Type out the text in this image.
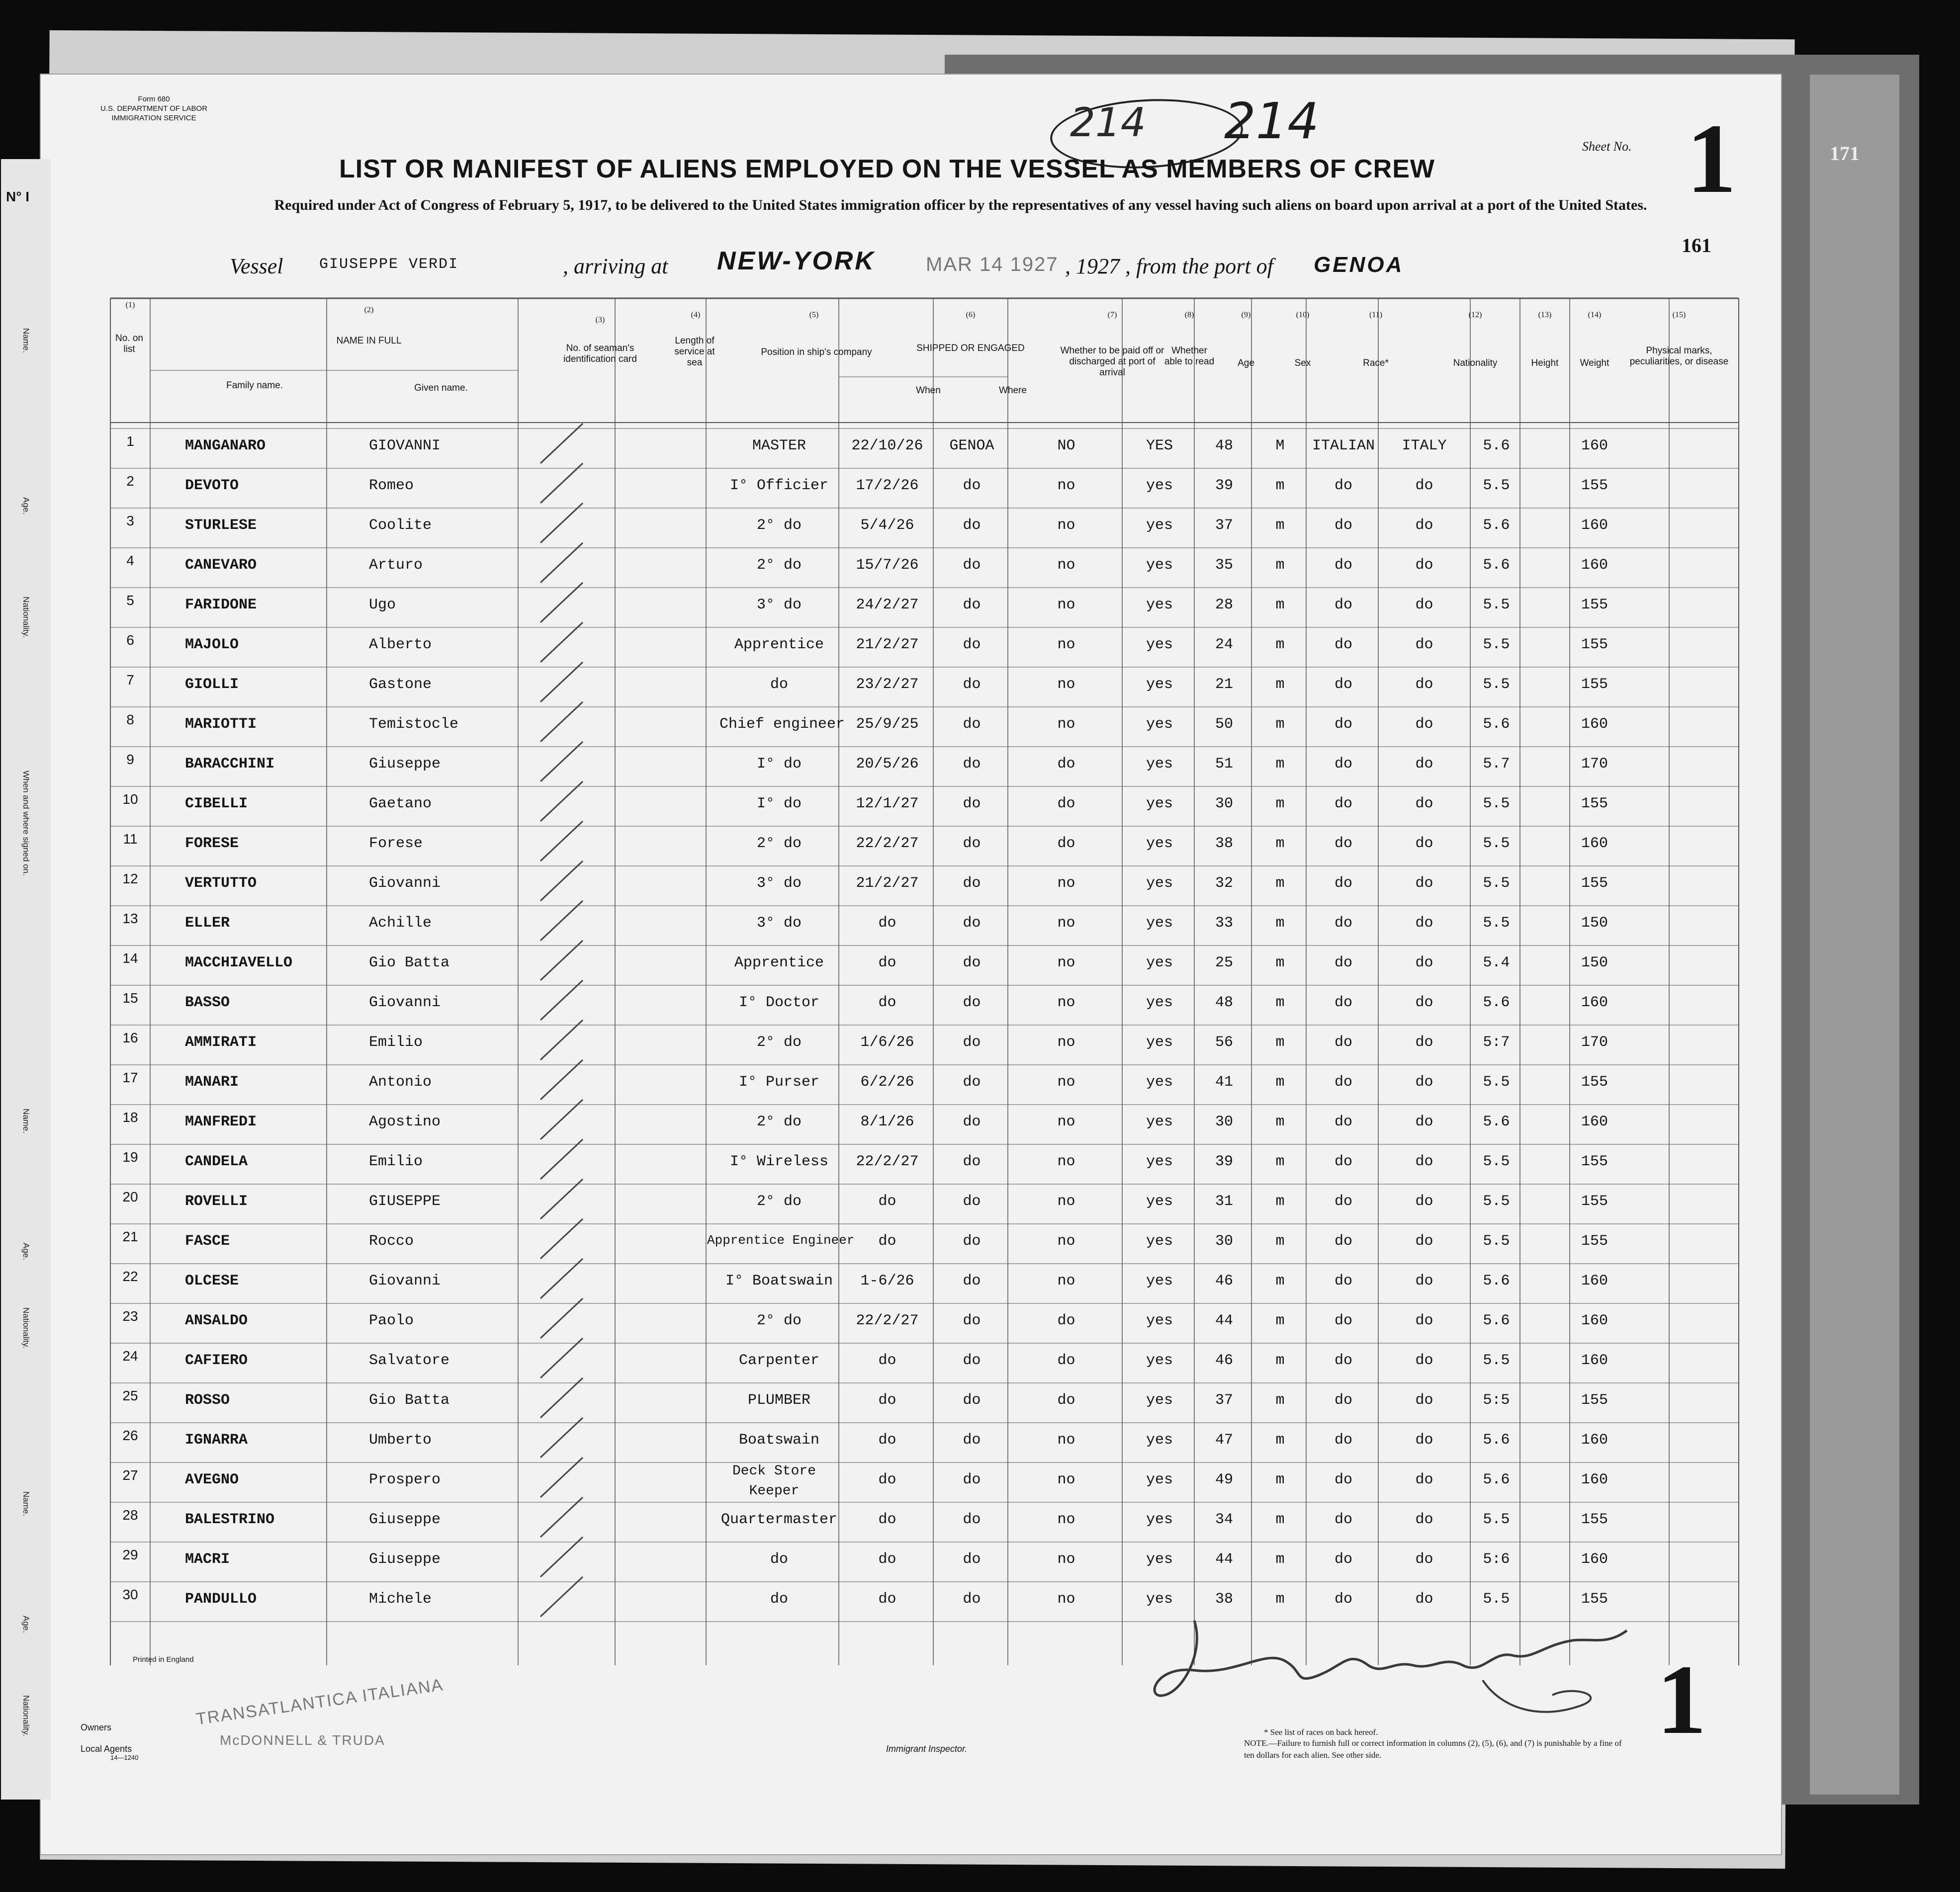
171
Form 680
U.S. DEPARTMENT OF LABOR
IMMIGRATION SERVICE	214 214
LIST OR MANIFEST OF ALIENS EMPLOYED ON THE VESSEL AS MEMBERS OF CREW
Required under Act of Congress of February 5, 1917, to be delivered to the United States immigration officer by the representatives of any vessel having such aliens on board upon arrival at a port of the United States.
Sheet No. 1
161
Vessel GIUSEPPE VERDI	, arriving at NEW-YORK	MAR 14 1927 , 1927 , from the port of GENOA
(1)
No. on list
(2)
NAME IN FULL
Family name.	Given name.
(3)
No. of seaman's identification card
(4)
Length of service at sea
(5)
Position in ship's company
(6)
SHIPPED OR ENGAGED
When	Where
(7)
Whether to be paid off or discharged at port of arrival
(8)
Whether able to read
(9)
Age
(10)
Sex
(11)
Race*
(12)
Nationality
(13)
Height
(14)
Weight
(15)
Physical marks, peculiarities, or disease
1	MANGANARO	GIOVANNI	MASTER	22/10/26	GENOA	NO	YES	48	M	ITALIAN	ITALY	5.6	160
2	DEVOTO	Romeo	I° Officier	17/2/26	do	no	yes	39	m	do	do	5.5	155
3	STURLESE	Coolite	2° do	5/4/26	do	no	yes	37	m	do	do	5.6	160
4	CANEVARO	Arturo	2° do	15/7/26	do	no	yes	35	m	do	do	5.6	160
5	FARIDONE	Ugo	3° do	24/2/27	do	no	yes	28	m	do	do	5.5	155
6	MAJOLO	Alberto	Apprentice	21/2/27	do	no	yes	24	m	do	do	5.5	155
7	GIOLLI	Gastone	do	23/2/27	do	no	yes	21	m	do	do	5.5	155
8	MARIOTTI	Temistocle	Chief engineer 25/9/25	do	no	yes	50	m	do	do	5.6	160
9	BARACCHINI	Giuseppe	I° do	20/5/26	do	do	yes	51	m	do	do	5.7	170
10	CIBELLI	Gaetano	I° do	12/1/27	do	do	yes	30	m	do	do	5.5	155
11	FORESE	Forese	2° do	22/2/27	do	do	yes	38	m	do	do	5.5	160
12	VERTUTTO	Giovanni	3° do	21/2/27	do	no	yes	32	m	do	do	5.5	155
13	ELLER	Achille	3° do	do	do	no	yes	33	m	do	do	5.5	150
14	MACCHIAVELLO	Gio Batta	Apprentice	do	do	no	yes	25	m	do	do	5.4	150
15	BASSO	Giovanni	I° Doctor	do	do	no	yes	48	m	do	do	5.6	160
16	AMMIRATI	Emilio	2° do	1/6/26	do	no	yes	56	m	do	do	5:7	170
17	MANARI	Antonio	I° Purser	6/2/26	do	no	yes	41	m	do	do	5.5	155
18	MANFREDI	Agostino	2° do	8/1/26	do	no	yes	30	m	do	do	5.6	160
19	CANDELA	Emilio	I° Wireless	22/2/27	do	no	yes	39	m	do	do	5.5	155
20	ROVELLI	GIUSEPPE	2° do	do	do	no	yes	31	m	do	do	5.5	155
21	FASCE	Rocco	Apprentice Engineer	do	do	no	yes	30	m	do	do	5.5	155
22	OLCESE	Giovanni	I° Boatswain	1-6/26	do	no	yes	46	m	do	do	5.6	160
23	ANSALDO	Paolo	2° do	22/2/27	do	do	yes	44	m	do	do	5.6	160
24	CAFIERO	Salvatore	Carpenter	do	do	do	yes	46	m	do	do	5.5	160
25	ROSSO	Gio Batta	PLUMBER	do	do	do	yes	37	m	do	do	5:5	155
26	IGNARRA	Umberto	Boatswain	do	do	no	yes	47	m	do	do	5.6	160
27	AVEGNO	Prospero
Deck Store Keeper
do	do	no	yes	49	m	do	do	5.6	160
28	BALESTRINO	Giuseppe	Quartermaster	do	do	no	yes	34	m	do	do	5.5	155
29	MACRI	Giuseppe	do	do	do	no	yes	44	m	do	do	5:6	160
30	PANDULLO	Michele	do	do	do	no	yes	38	m	do	do	5.5	155
Printed in England
Owners
Local Agents
14—1240
TRANSATLANTICA ITALIANA
McDONNELL & TRUDA
Immigrant Inspector.
* See list of races on back hereof.
NOTE.—Failure to furnish full or correct information in columns (2), (5), (6), and (7) is punishable by a fine of ten dollars for each alien. See other side.
1
N° I
Name.
Age.
Nationality.
When and where signed on.
Name.
Age.
Nationality.
Name.
Age.
Nationality.
